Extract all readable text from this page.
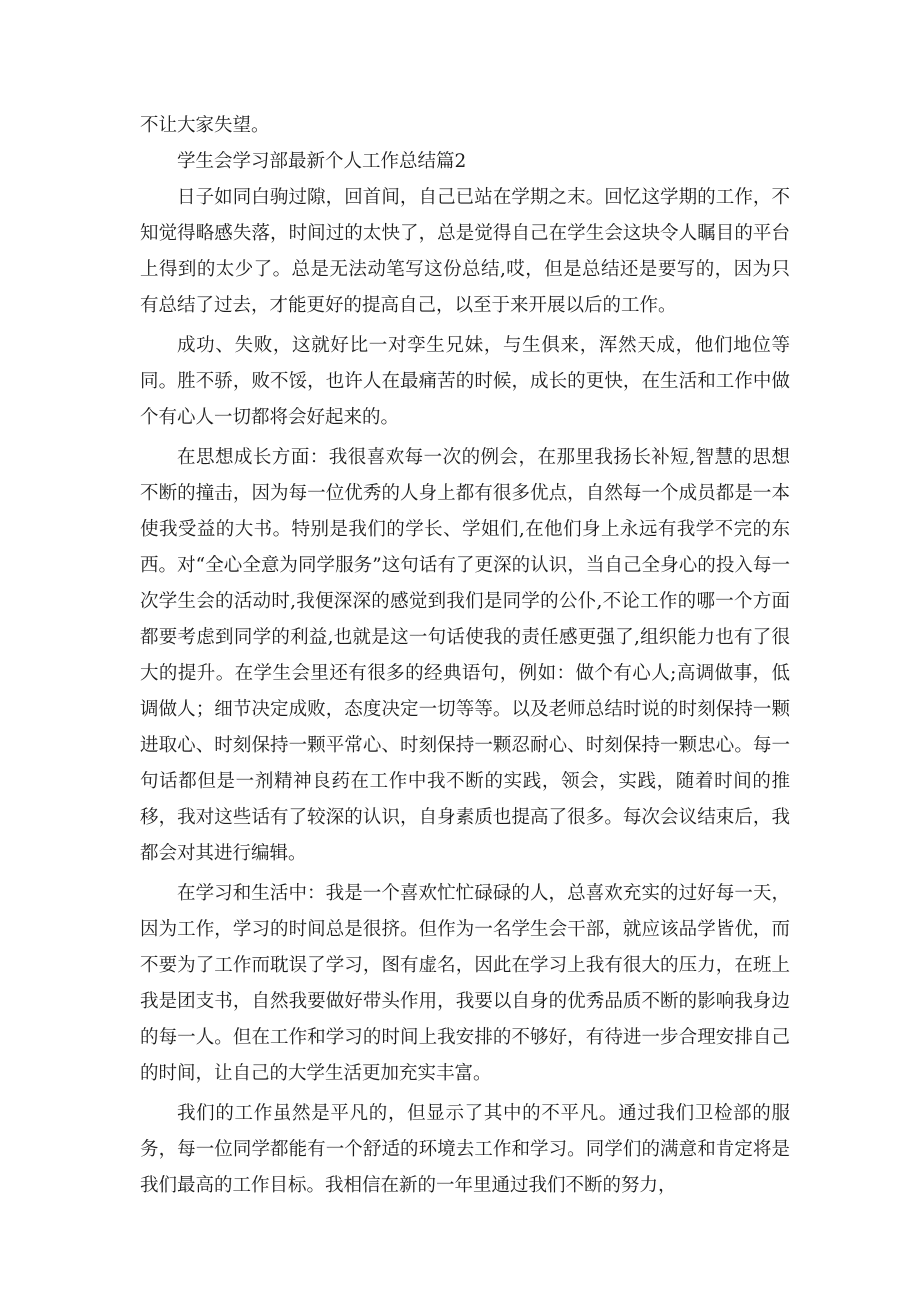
不让大家失望。

学生会学习部最新个人工作总结篇2

日子如同白驹过隙，回首间，自己已站在学期之末。回忆这学期的工作，不知觉得略感失落，时间过的太快了，总是觉得自己在学生会这块令人瞩目的平台上得到的太少了。总是无法动笔写这份总结,哎，但是总结还是要写的，因为只有总结了过去，才能更好的提高自己，以至于来开展以后的工作。

成功、失败，这就好比一对孪生兄妹，与生俱来，浑然天成，他们地位等同。胜不骄，败不馁，也许人在最痛苦的时候，成长的更快，在生活和工作中做个有心人一切都将会好起来的。

在思想成长方面：我很喜欢每一次的例会，在那里我扬长补短,智慧的思想不断的撞击，因为每一位优秀的人身上都有很多优点，自然每一个成员都是一本使我受益的大书。特别是我们的学长、学姐们,在他们身上永远有我学不完的东西。对“全心全意为同学服务”这句话有了更深的认识，当自己全身心的投入每一次学生会的活动时,我便深深的感觉到我们是同学的公仆,不论工作的哪一个方面都要考虑到同学的利益,也就是这一句话使我的责任感更强了,组织能力也有了很大的提升。在学生会里还有很多的经典语句，例如：做个有心人;高调做事，低调做人；细节决定成败，态度决定一切等等。以及老师总结时说的时刻保持一颗进取心、时刻保持一颗平常心、时刻保持一颗忍耐心、时刻保持一颗忠心。每一句话都但是一剂精神良药在工作中我不断的实践，领会，实践，随着时间的推移，我对这些话有了较深的认识，自身素质也提高了很多。每次会议结束后，我都会对其进行编辑。

在学习和生活中：我是一个喜欢忙忙碌碌的人，总喜欢充实的过好每一天，因为工作，学习的时间总是很挤。但作为一名学生会干部，就应该品学皆优，而不要为了工作而耽误了学习，图有虚名，因此在学习上我有很大的压力，在班上我是团支书，自然我要做好带头作用，我要以自身的优秀品质不断的影响我身边的每一人。但在工作和学习的时间上我安排的不够好，有待进一步合理安排自己的时间，让自己的大学生活更加充实丰富。

我们的工作虽然是平凡的，但显示了其中的不平凡。通过我们卫检部的服务，每一位同学都能有一个舒适的环境去工作和学习。同学们的满意和肯定将是我们最高的工作目标。我相信在新的一年里通过我们不断的努力，
